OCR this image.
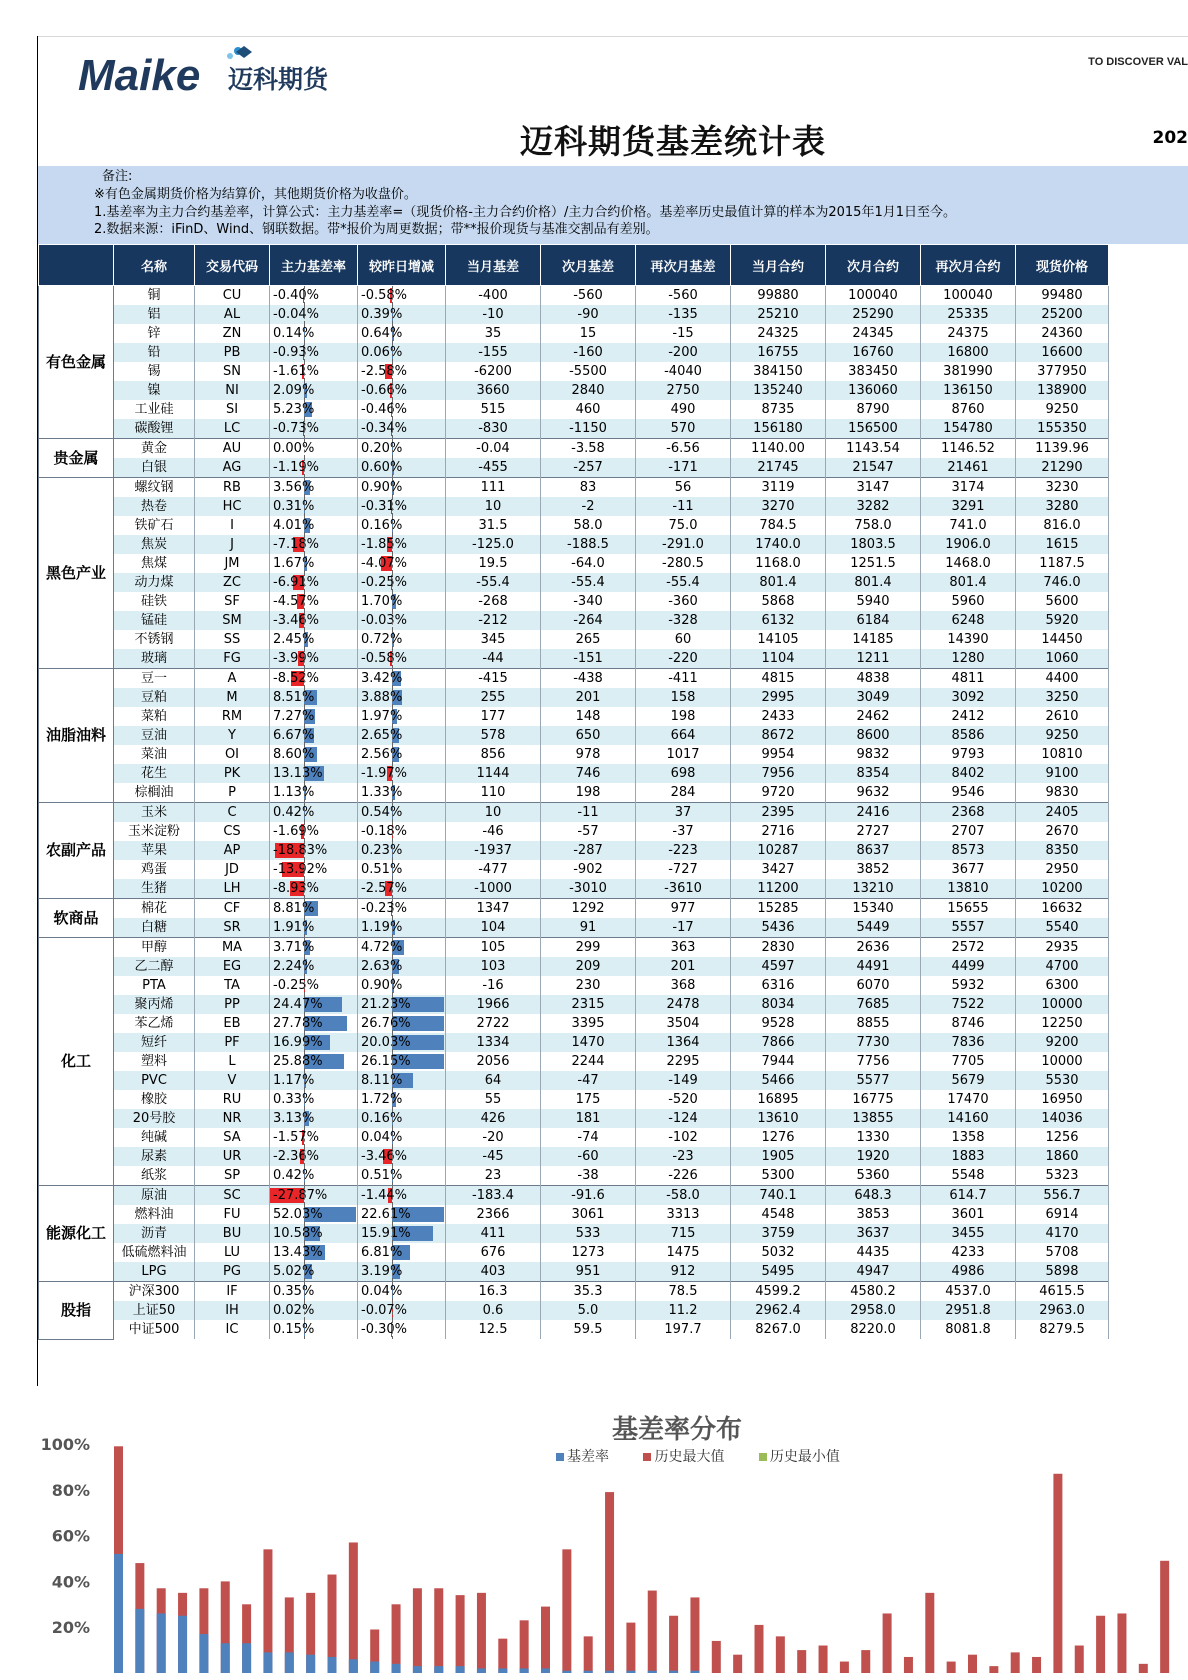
Maike 迈科期货
TO DISCOVER VAL
迈科期货基差统计表	202
备注:
※有色金属期货价格为结算价，其他期货价格为收盘价。
1.基差率为主力合约基差率，计算公式：主力基差率=（现货价格-主力合约价格）/主力合约价格。基差率历史最值计算的样本为2015年1月1日至今。
2.数据来源：iFinD、Wind、钢联数据。带*报价为周更数据；带**报价现货与基准交割品有差别。
	名称	交易代码	主力基差率	较昨日增减	当月基差	次月基差	再次月基差	当月合约	次月合约	再次月合约	现货价格
有色金属	铜	CU	-0.40%	-0.58%	-400	-560	-560	99880	100040	100040	99480
	铝	AL	-0.04%	0.39%	-10	-90	-135	25210	25290	25335	25200
	锌	ZN	0.14%	0.64%	35	15	-15	24325	24345	24375	24360
	铅	PB	-0.93%	0.06%	-155	-160	-200	16755	16760	16800	16600
	锡	SN	-1.61%	-2.58%	-6200	-5500	-4040	384150	383450	381990	377950
	镍	NI	2.09%	-0.66%	3660	2840	2750	135240	136060	136150	138900
	工业硅	SI	5.23%	-0.46%	515	460	490	8735	8790	8760	9250
	碳酸锂	LC	-0.73%	-0.34%	-830	-1150	570	156180	156500	154780	155350
贵金属	黄金	AU	0.00%	0.20%	-0.04	-3.58	-6.56	1140.00	1143.54	1146.52	1139.96
	白银	AG	-1.19%	0.60%	-455	-257	-171	21745	21547	21461	21290
黑色产业	螺纹钢	RB	3.56%	0.90%	111	83	56	3119	3147	3174	3230
	热卷	HC	0.31%	-0.31%	10	-2	-11	3270	3282	3291	3280
	铁矿石	I	4.01%	0.16%	31.5	58.0	75.0	784.5	758.0	741.0	816.0
	焦炭	J	-7.18%	-1.85%	-125.0	-188.5	-291.0	1740.0	1803.5	1906.0	1615
	焦煤	JM	1.67%	-4.07%	19.5	-64.0	-280.5	1168.0	1251.5	1468.0	1187.5
	动力煤	ZC	-6.91%	-0.25%	-55.4	-55.4	-55.4	801.4	801.4	801.4	746.0
	硅铁	SF	-4.57%	1.70%	-268	-340	-360	5868	5940	5960	5600
	锰硅	SM	-3.46%	-0.03%	-212	-264	-328	6132	6184	6248	5920
	不锈钢	SS	2.45%	0.72%	345	265	60	14105	14185	14390	14450
	玻璃	FG	-3.99%	-0.58%	-44	-151	-220	1104	1211	1280	1060
油脂油料	豆一	A	-8.52%	3.42%	-415	-438	-411	4815	4838	4811	4400
	豆粕	M	8.51%	3.88%	255	201	158	2995	3049	3092	3250
	菜粕	RM	7.27%	1.97%	177	148	198	2433	2462	2412	2610
	豆油	Y	6.67%	2.65%	578	650	664	8672	8600	8586	9250
	菜油	OI	8.60%	2.56%	856	978	1017	9954	9832	9793	10810
	花生	PK	13.13%	-1.97%	1144	746	698	7956	8354	8402	9100
	棕榈油	P	1.13%	1.33%	110	198	284	9720	9632	9546	9830
农副产品	玉米	C	0.42%	0.54%	10	-11	37	2395	2416	2368	2405
	玉米淀粉	CS	-1.69%	-0.18%	-46	-57	-37	2716	2727	2707	2670
	苹果	AP	-18.83%	0.23%	-1937	-287	-223	10287	8637	8573	8350
	鸡蛋	JD	-13.92%	0.51%	-477	-902	-727	3427	3852	3677	2950
	生猪	LH	-8.93%	-2.57%	-1000	-3010	-3610	11200	13210	13810	10200
软商品	棉花	CF	8.81%	-0.23%	1347	1292	977	15285	15340	15655	16632
	白糖	SR	1.91%	1.19%	104	91	-17	5436	5449	5557	5540
化工	甲醇	MA	3.71%	4.72%	105	299	363	2830	2636	2572	2935
	乙二醇	EG	2.24%	2.63%	103	209	201	4597	4491	4499	4700
	PTA	TA	-0.25%	0.90%	-16	230	368	6316	6070	5932	6300
	聚丙烯	PP	24.47%	21.23%	1966	2315	2478	8034	7685	7522	10000
	苯乙烯	EB	27.78%	26.76%	2722	3395	3504	9528	8855	8746	12250
	短纤	PF	16.99%	20.03%	1334	1470	1364	7866	7730	7836	9200
	塑料	L	25.88%	26.15%	2056	2244	2295	7944	7756	7705	10000
	PVC	V	1.17%	8.11%	64	-47	-149	5466	5577	5679	5530
	橡胶	RU	0.33%	1.72%	55	175	-520	16895	16775	17470	16950
	20号胶	NR	3.13%	0.16%	426	181	-124	13610	13855	14160	14036
	纯碱	SA	-1.57%	0.04%	-20	-74	-102	1276	1330	1358	1256
	尿素	UR	-2.36%	-3.46%	-45	-60	-23	1905	1920	1883	1860
	纸浆	SP	0.42%	0.51%	23	-38	-226	5300	5360	5548	5323
能源化工	原油	SC	-27.87%	-1.44%	-183.4	-91.6	-58.0	740.1	648.3	614.7	556.7
	燃料油	FU	52.03%	22.61%	2366	3061	3313	4548	3853	3601	6914
	沥青	BU	10.58%	15.91%	411	533	715	3759	3637	3455	4170
	低硫燃料油	LU	13.43%	6.81%	676	1273	1475	5032	4435	4233	5708
	LPG	PG	5.02%	3.19%	403	951	912	5495	4947	4986	5898
股指	沪深300	IF	0.35%	0.04%	16.3	35.3	78.5	4599.2	4580.2	4537.0	4615.5
	上证50	IH	0.02%	-0.07%	0.6	5.0	11.2	2962.4	2958.0	2951.8	2963.0
	中证500	IC	0.15%	-0.30%	12.5	59.5	197.7	8267.0	8220.0	8081.8	8279.5
基差率分布
基差率	历史最大值	历史最小值
100%
80%
60%
40%
20%
